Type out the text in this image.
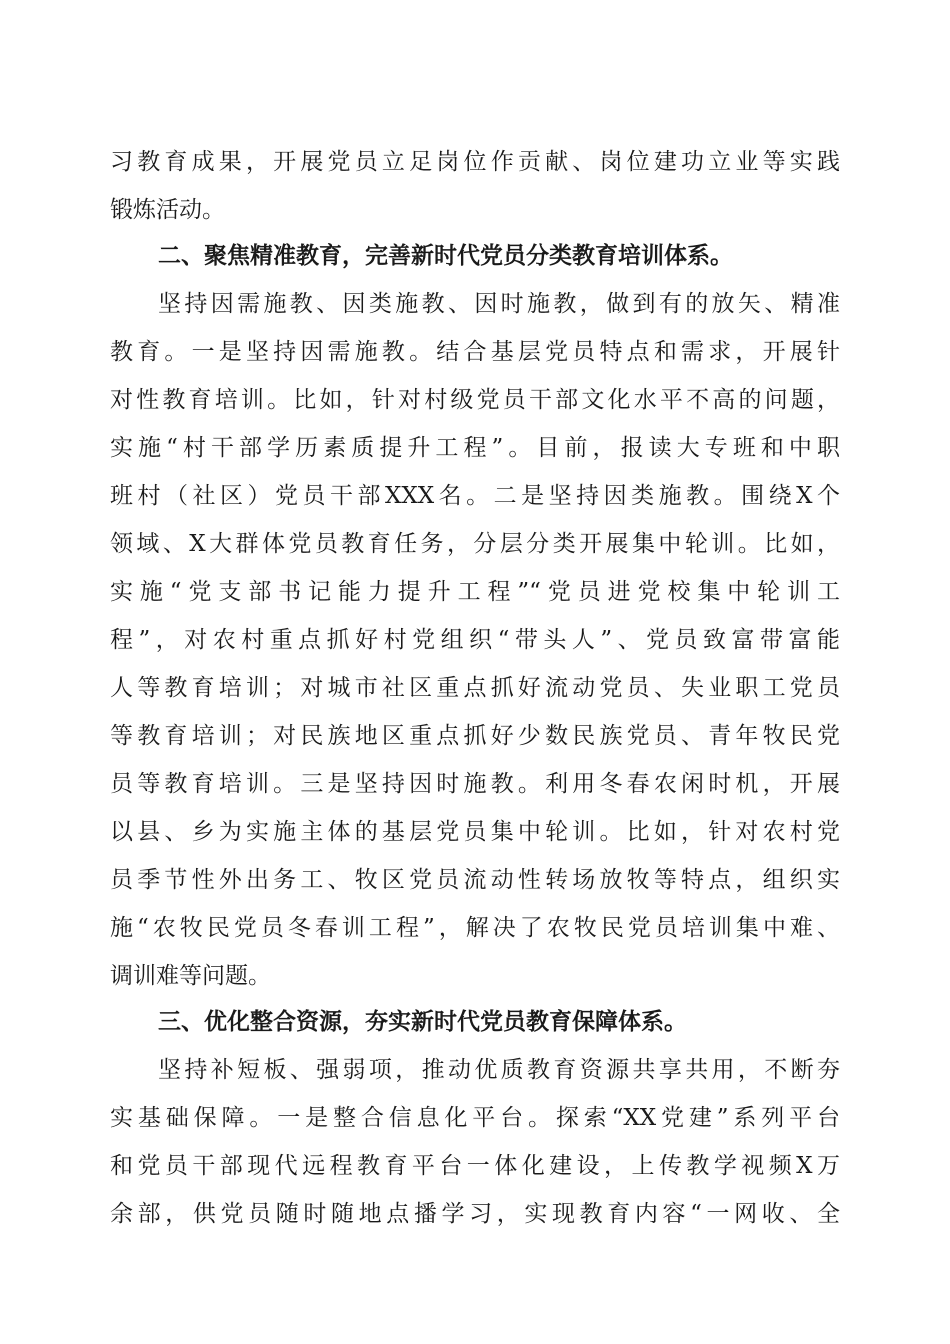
习教育成果，开展党员立足岗位作贡献、岗位建功立业等实践
锻炼活动。
二、聚焦精准教育，完善新时代党员分类教育培训体系。
坚持因需施教、因类施教、因时施教，做到有的放矢、精准
教育。一是坚持因需施教。结合基层党员特点和需求，开展针
对性教育培训。比如，针对村级党员干部文化水平不高的问题，
实施“村干部学历素质提升工程”。目前，报读大专班和中职
班村（社区）党员干部XXX名。二是坚持因类施教。围绕X个
领域、X大群体党员教育任务，分层分类开展集中轮训。比如，
实施“党支部书记能力提升工程”“党员进党校集中轮训工
程”，对农村重点抓好村党组织“带头人”、党员致富带富能
人等教育培训；对城市社区重点抓好流动党员、失业职工党员
等教育培训；对民族地区重点抓好少数民族党员、青年牧民党
员等教育培训。三是坚持因时施教。利用冬春农闲时机，开展
以县、乡为实施主体的基层党员集中轮训。比如，针对农村党
员季节性外出务工、牧区党员流动性转场放牧等特点，组织实
施“农牧民党员冬春训工程”，解决了农牧民党员培训集中难、
调训难等问题。
三、优化整合资源，夯实新时代党员教育保障体系。
坚持补短板、强弱项，推动优质教育资源共享共用，不断夯
实基础保障。一是整合信息化平台。探索“XX党建”系列平台
和党员干部现代远程教育平台一体化建设，上传教学视频X万
余部，供党员随时随地点播学习，实现教育内容“一网收、全
